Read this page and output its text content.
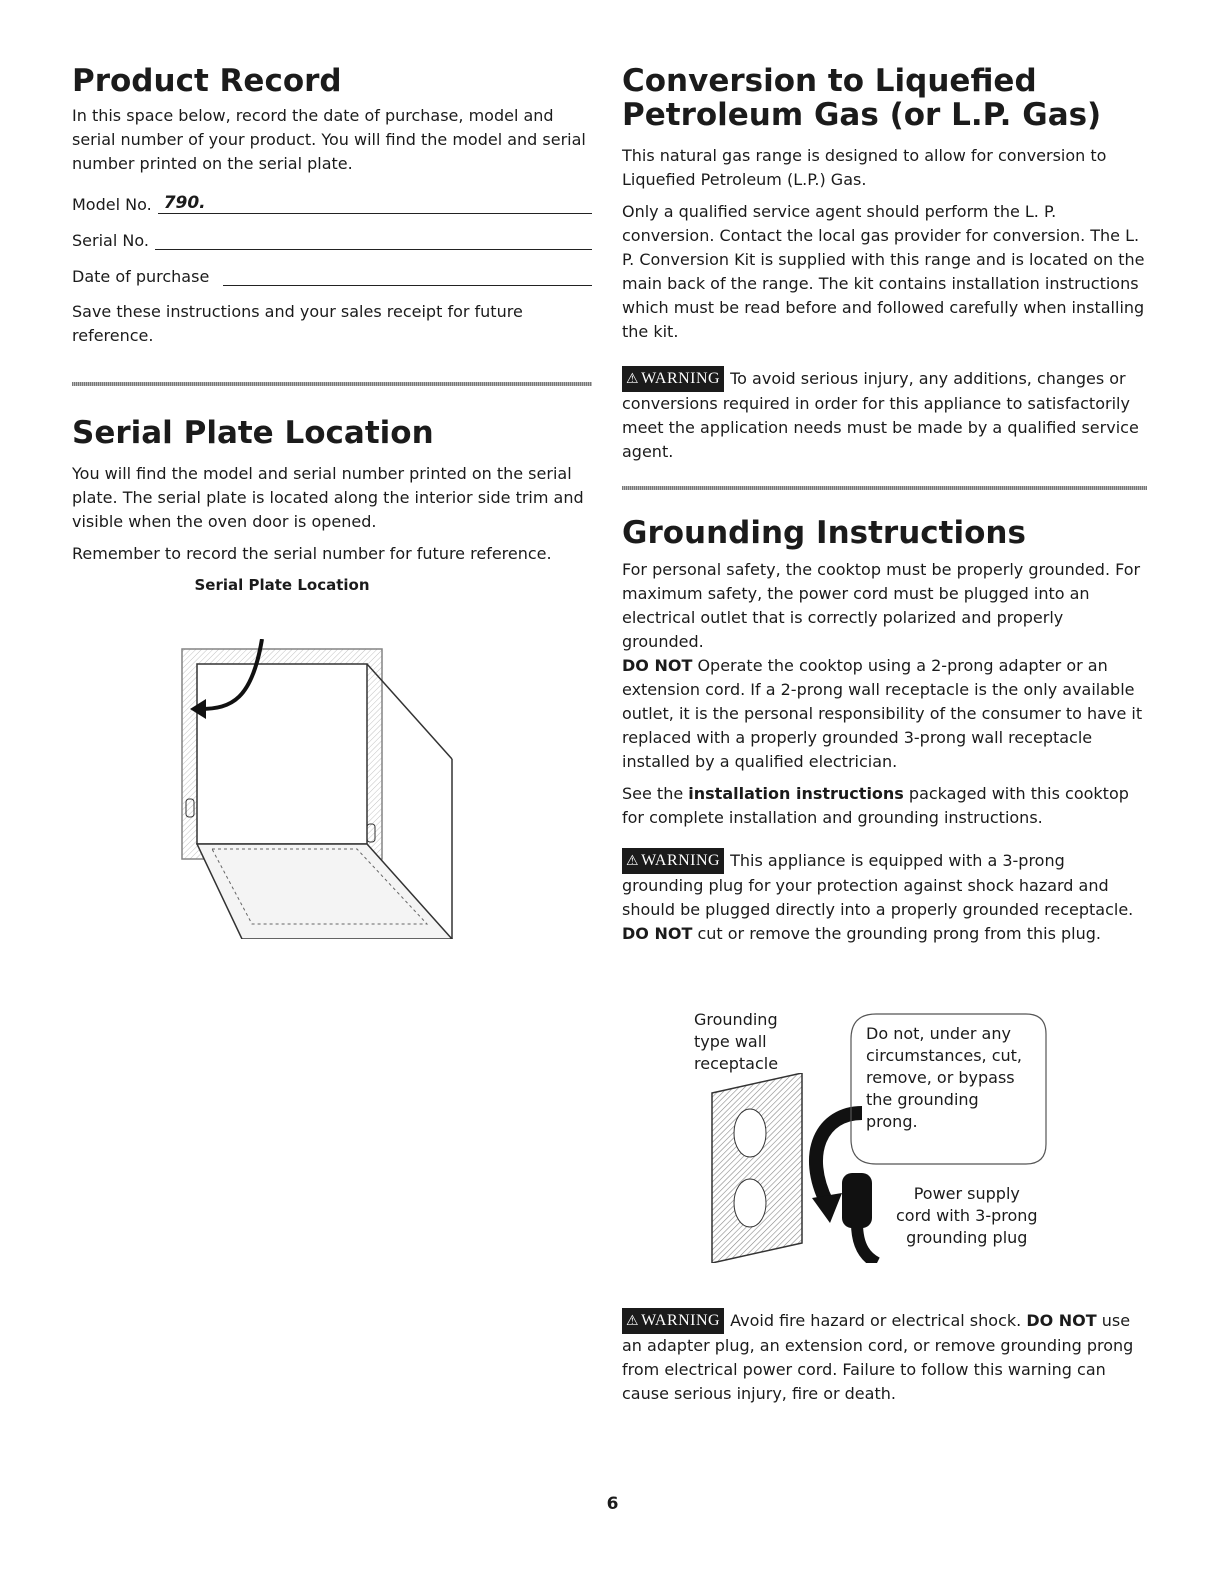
Product Record

In this space below, record the date of purchase, model and serial number of your product. You will find the model and serial number printed on the serial plate.

Model No. 790.
Serial No.
Date of purchase

Save these instructions and your sales receipt for future reference.

Serial Plate Location

You will find the model and serial number printed on the serial plate. The serial plate is located along the interior side trim and visible when the oven door is opened.

Remember to record the serial number for future reference.

Serial Plate Location

Conversion to Liquefied
Petroleum Gas (or L.P. Gas)

This natural gas range is designed to allow for conversion to Liquefied Petroleum (L.P.) Gas.

Only a qualified service agent should perform the L. P. conversion. Contact the local gas provider for conversion. The L. P. Conversion Kit is supplied with this range and is located on the main back of the range. The kit contains installation instructions which must be read before and followed carefully when installing the kit.

⚠ WARNING To avoid serious injury, any additions, changes or conversions required in order for this appliance to satisfactorily meet the application needs must be made by a qualified service agent.

Grounding Instructions

For personal safety, the cooktop must be properly grounded. For maximum safety, the power cord must be plugged into an electrical outlet that is correctly polarized and properly grounded.

DO NOT Operate the cooktop using a 2-prong adapter or an extension cord. If a 2-prong wall receptacle is the only available outlet, it is the personal responsibility of the consumer to have it replaced with a properly grounded 3-prong wall receptacle installed by a qualified electrician.

See the installation instructions packaged with this cooktop for complete installation and grounding instructions.

⚠ WARNING This appliance is equipped with a 3-prong grounding plug for your protection against shock hazard and should be plugged directly into a properly grounded receptacle. DO NOT cut or remove the grounding prong from this plug.

Grounding
type wall
receptacle
Do not, under any
circumstances, cut,
remove, or bypass
the grounding
prong.
Power supply
cord with 3-prong
grounding plug

⚠ WARNING Avoid fire hazard or electrical shock. DO NOT use an adapter plug, an extension cord, or remove grounding prong from electrical power cord. Failure to follow this warning can cause serious injury, fire or death.

6
